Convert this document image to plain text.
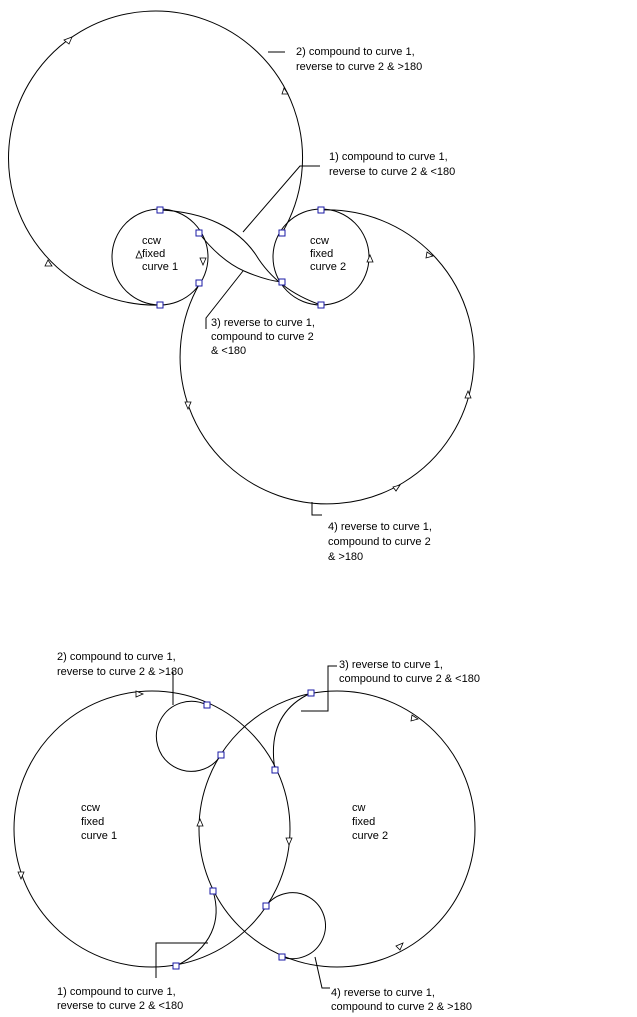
ccw fixed curve 1
ccw fixed curve 2
2) compound to curve 1, reverse to curve 2 & >180
1) compound to curve 1, reverse to curve 2 & <180
3) reverse to curve 1, compound to curve 2 & <180
4) reverse to curve 1, compound to curve 2 & >180
ccw fixed curve 1
cw fixed curve 2
2) compound to curve 1, reverse to curve 2 & >180
3) reverse to curve 1, compound to curve 2 & <180
1) compound to curve 1, reverse to curve 2 & <180
4) reverse to curve 1, compound to curve 2 & >180
